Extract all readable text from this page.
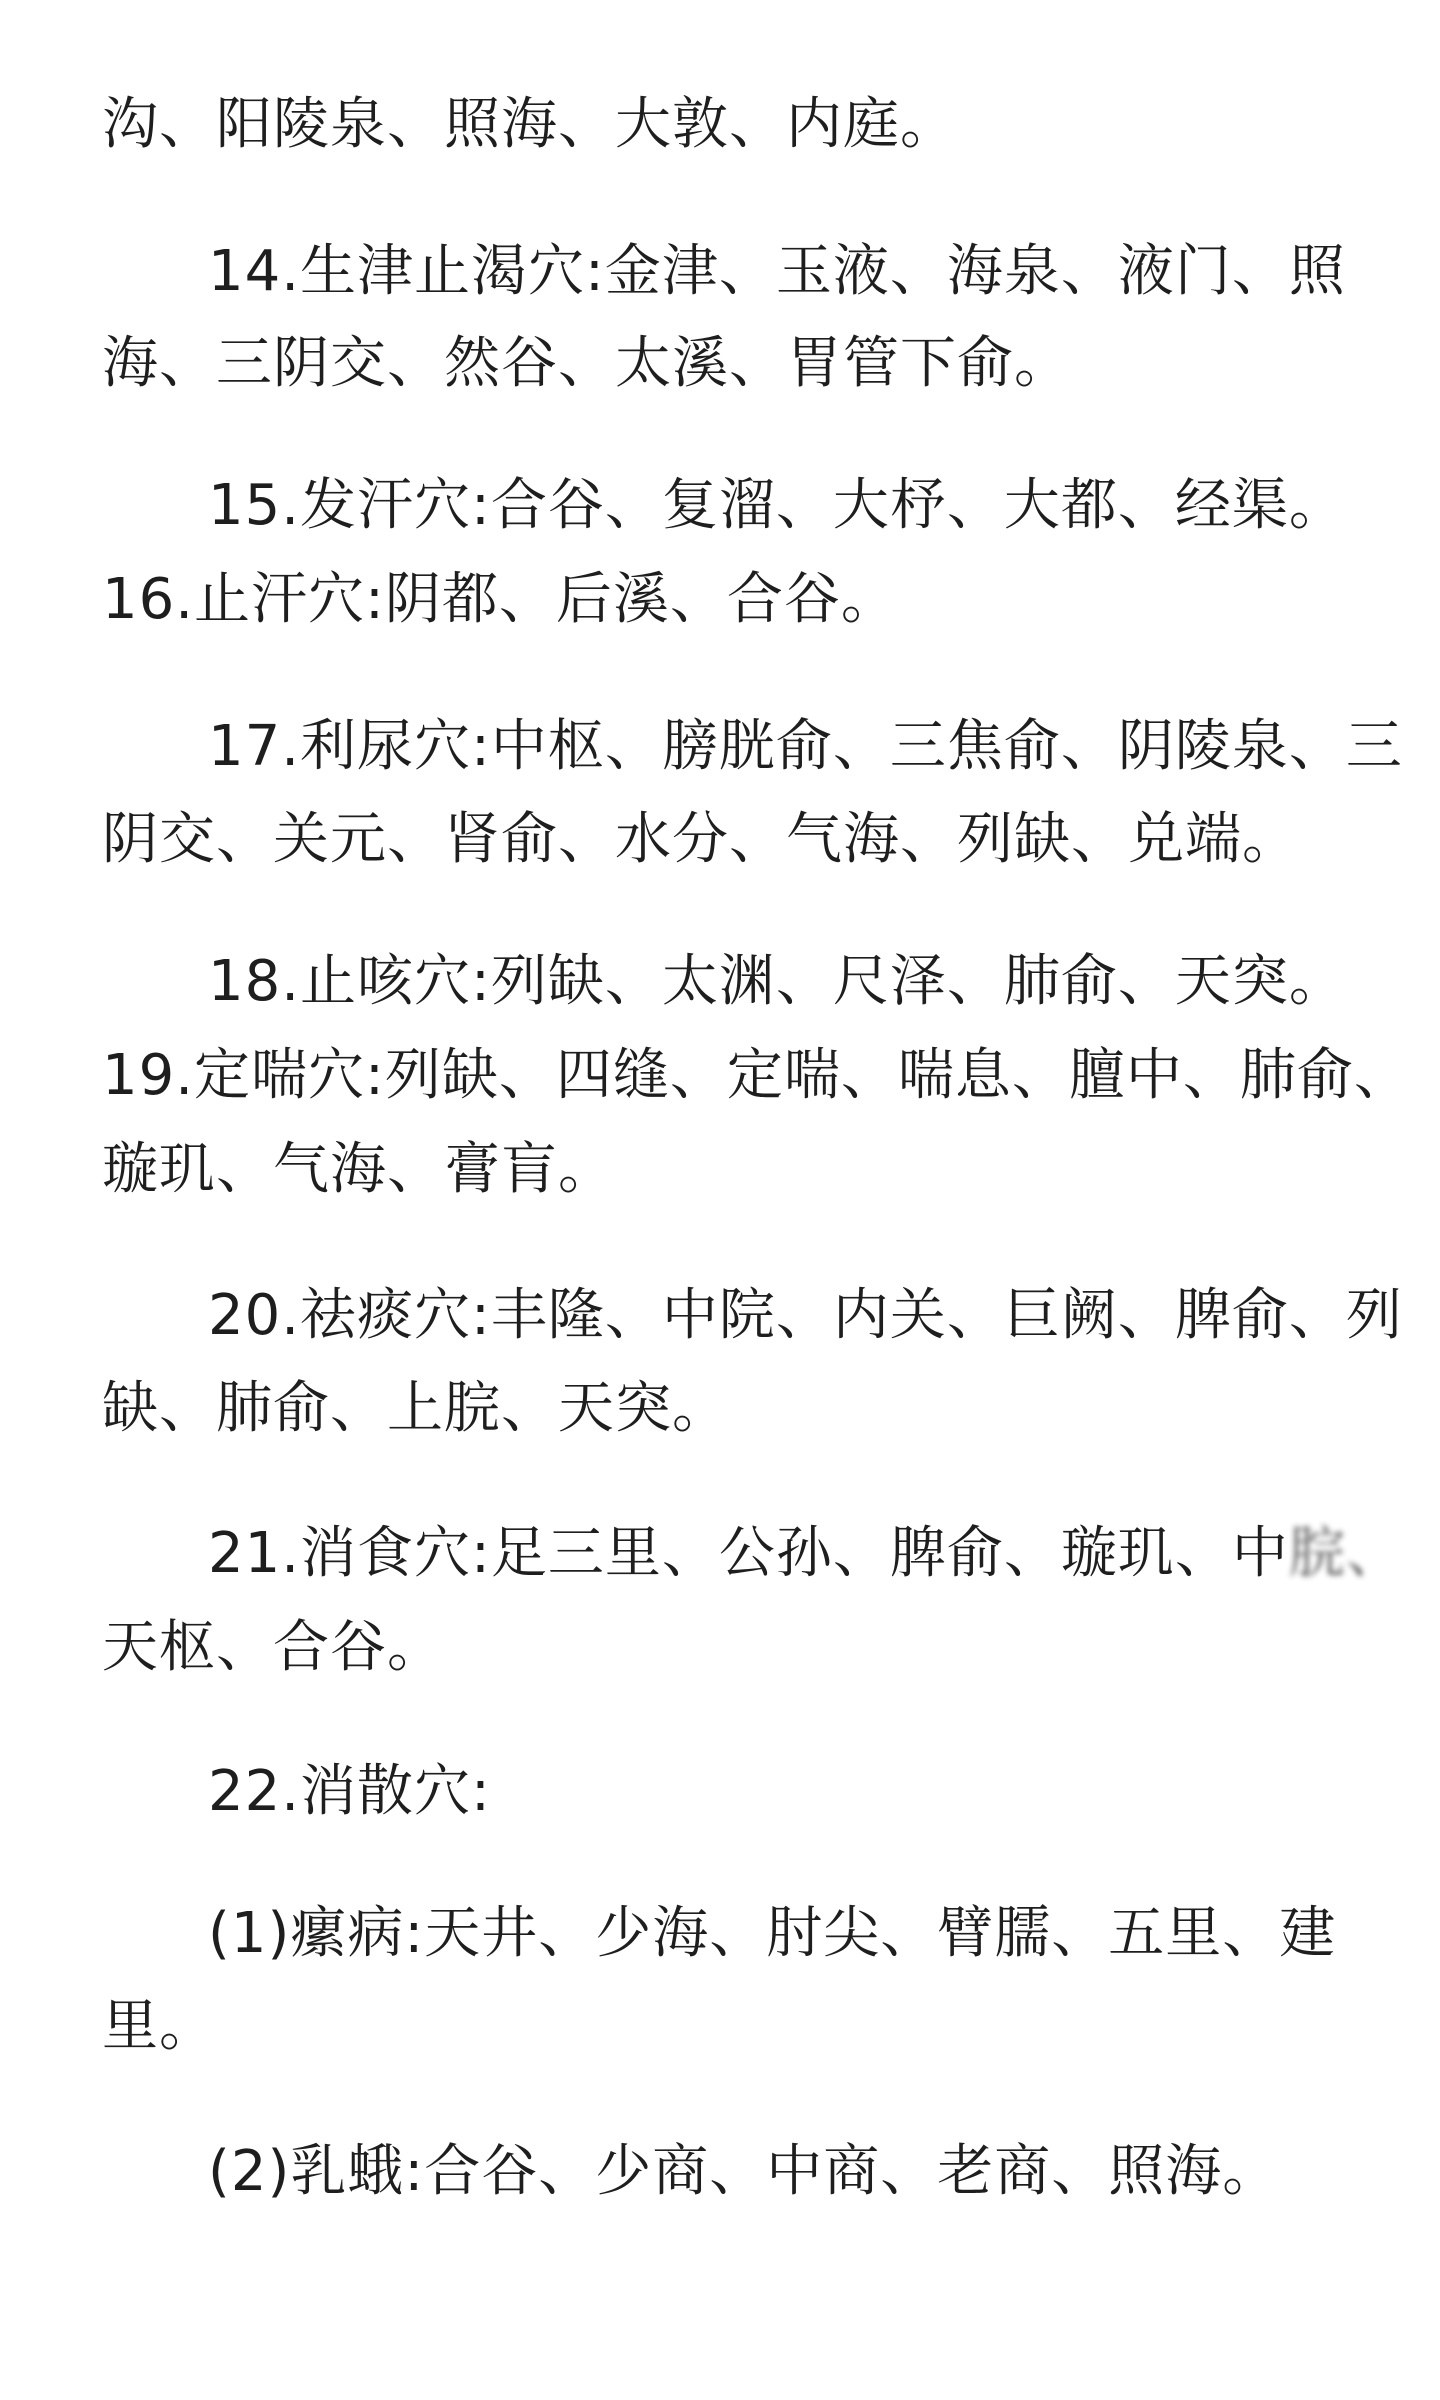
沟、阳陵泉、照海、大敦、内庭。
14.生津止渴穴:金津、玉液、海泉、液门、照
海、三阴交、然谷、太溪、胃管下俞。
15.发汗穴:合谷、复溜、大杼、大都、经渠。
16.止汗穴:阴都、后溪、合谷。
17.利尿穴:中枢、膀胱俞、三焦俞、阴陵泉、三
阴交、关元、肾俞、水分、气海、列缺、兑端。
18.止咳穴:列缺、太渊、尺泽、肺俞、天突。
19.定喘穴:列缺、四缝、定喘、喘息、膻中、肺俞、
璇玑、气海、膏肓。
20.祛痰穴:丰隆、中院、内关、巨阙、脾俞、列
缺、肺俞、上脘、天突。
21.消食穴:足三里、公孙、脾俞、璇玑、中脘、
天枢、合谷。
22.消散穴:
(1)瘰病:天井、少海、肘尖、臂臑、五里、建
里。
(2)乳蛾:合谷、少商、中商、老商、照海。
